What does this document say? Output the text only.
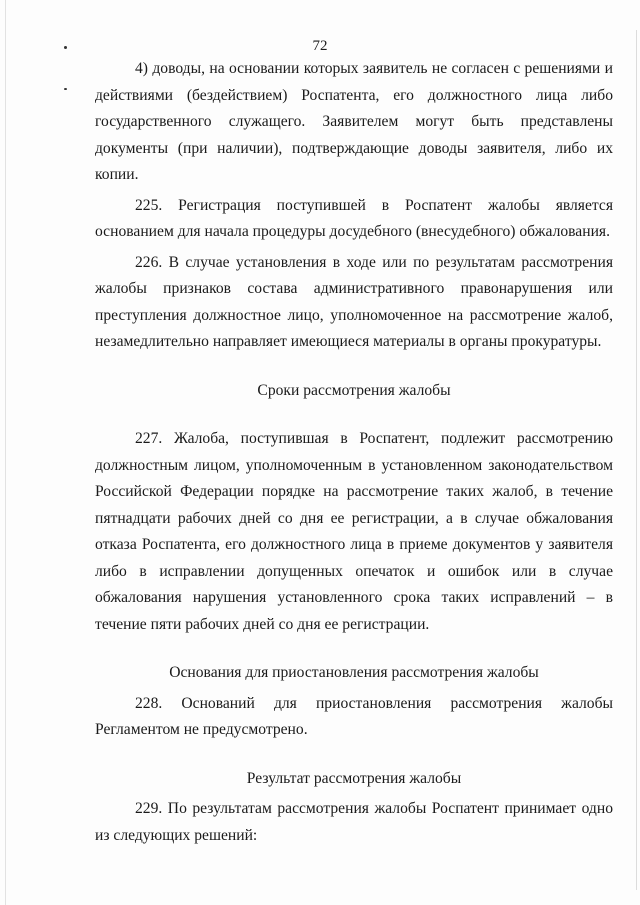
72

4) доводы, на основании которых заявитель не согласен с решениями и действиями (бездействием) Роспатента, его должностного лица либо государственного служащего. Заявителем могут быть представлены документы (при наличии), подтверждающие доводы заявителя, либо их копии.

225. Регистрация поступившей в Роспатент жалобы является основанием для начала процедуры досудебного (внесудебного) обжалования.

226. В случае установления в ходе или по результатам рассмотрения жалобы признаков состава административного правонарушения или преступления должностное лицо, уполномоченное на рассмотрение жалоб, незамедлительно направляет имеющиеся материалы в органы прокуратуры.

Сроки рассмотрения жалобы

227. Жалоба, поступившая в Роспатент, подлежит рассмотрению должностным лицом, уполномоченным в установленном законодательством Российской Федерации порядке на рассмотрение таких жалоб, в течение пятнадцати рабочих дней со дня ее регистрации, а в случае обжалования отказа Роспатента, его должностного лица в приеме документов у заявителя либо в исправлении допущенных опечаток и ошибок или в случае обжалования нарушения установленного срока таких исправлений – в течение пяти рабочих дней со дня ее регистрации.

Основания для приостановления рассмотрения жалобы

228. Оснований для приостановления рассмотрения жалобы Регламентом не предусмотрено.

Результат рассмотрения жалобы

229. По результатам рассмотрения жалобы Роспатент принимает одно из следующих решений:
